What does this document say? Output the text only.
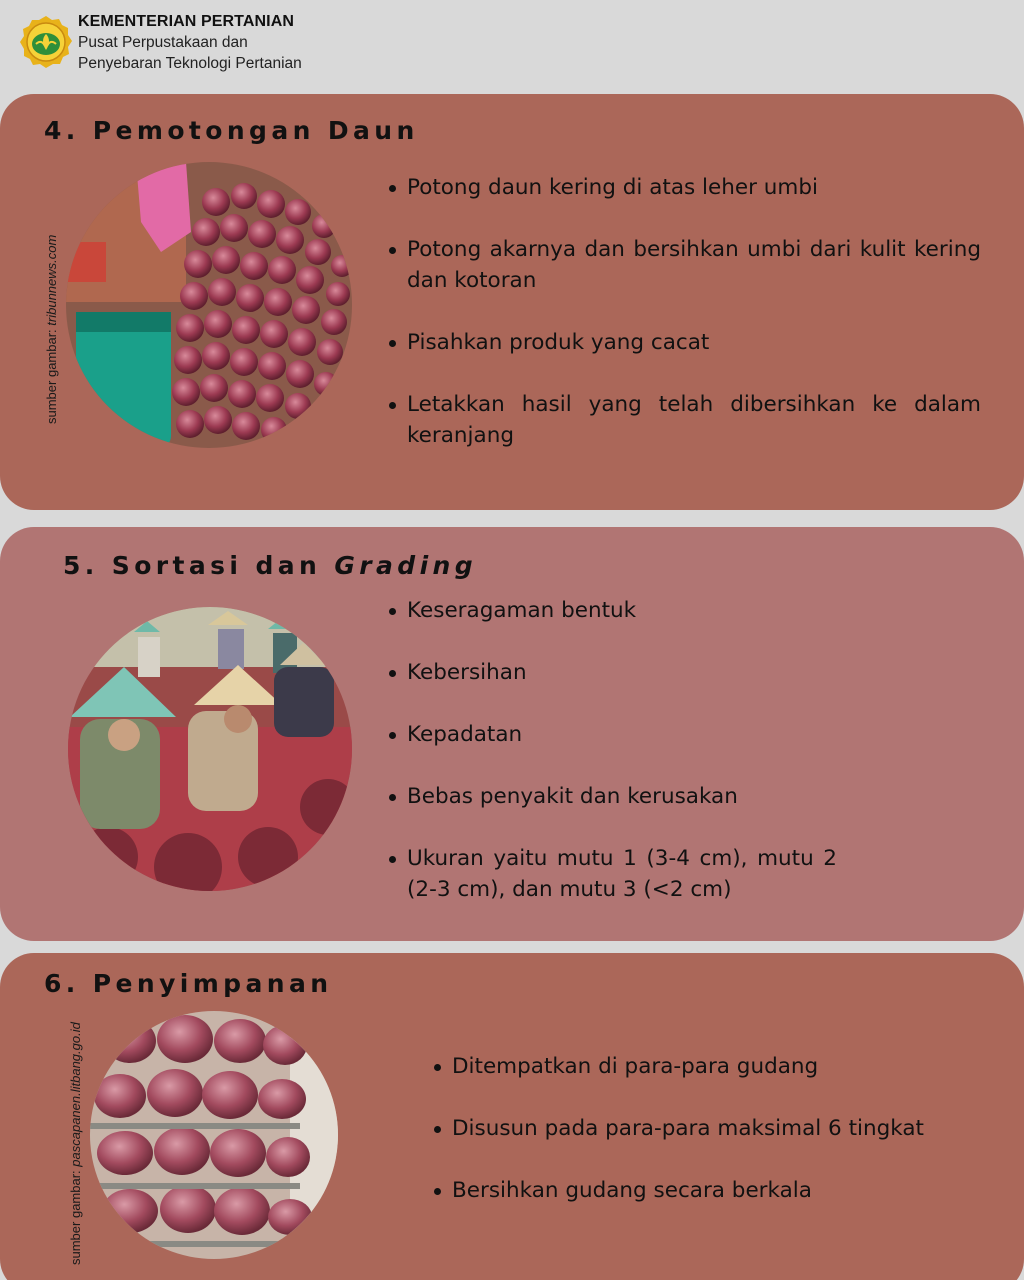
KEMENTERIAN PERTANIAN
Pusat Perpustakaan dan
Penyebaran Teknologi Pertanian
4. Pemotongan Daun
sumber gambar: tribunnews.com
Potong daun kering di atas leher umbi
Potong akarnya dan bersihkan umbi dari kulit kering dan kotoran
Pisahkan produk yang cacat
Letakkan hasil yang telah dibersihkan ke dalam keranjang
5. Sortasi dan Grading
Keseragaman bentuk
Kebersihan
Kepadatan
Bebas penyakit dan kerusakan
Ukuran yaitu mutu 1 (3-4 cm), mutu 2 (2-3 cm), dan mutu 3 (<2 cm)
6. Penyimpanan
sumber gambar: pascapanen.litbang.go.id	Ditempatkan di para-para gudang
Disusun pada para-para maksimal 6 tingkat
Bersihkan gudang secara berkala
